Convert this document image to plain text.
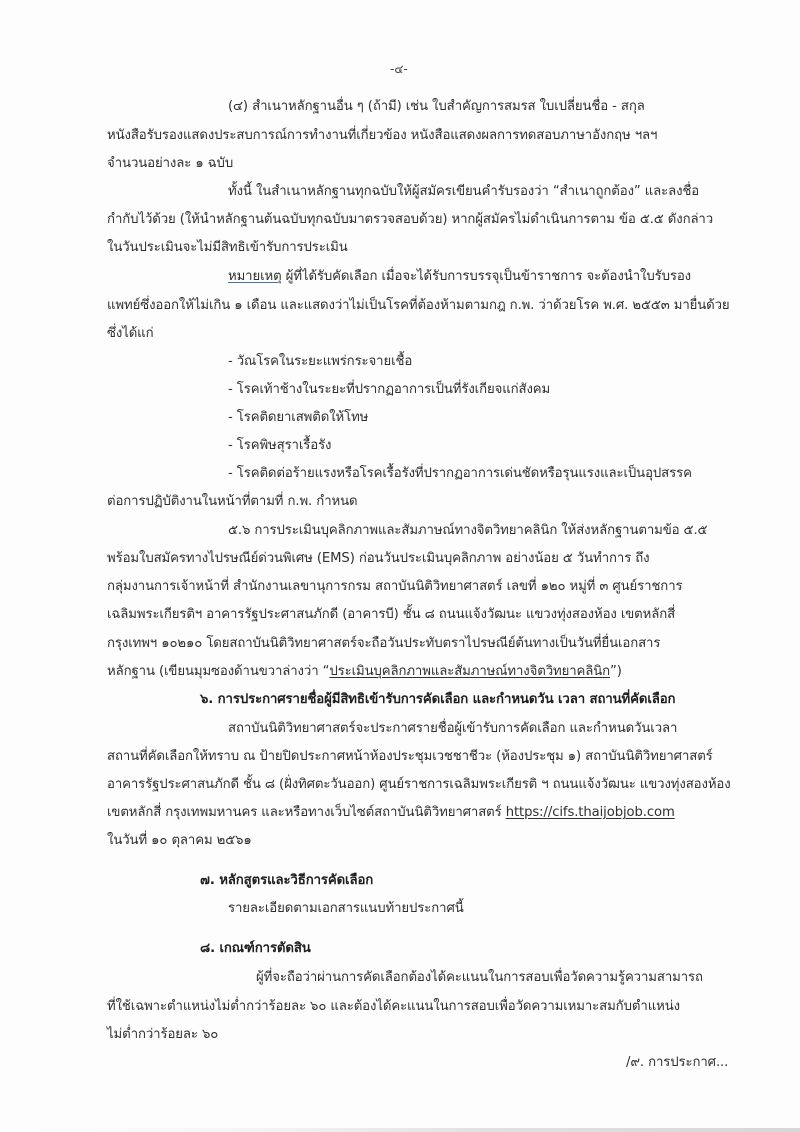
-๔-
(๔) สำเนาหลักฐานอื่น ๆ (ถ้ามี) เช่น ใบสำคัญการสมรส ใบเปลี่ยนชื่อ - สกุล
หนังสือรับรองแสดงประสบการณ์การทำงานที่เกี่ยวข้อง หนังสือแสดงผลการทดสอบภาษาอังกฤษ ฯลฯ
จำนวนอย่างละ ๑ ฉบับ
ทั้งนี้ ในสำเนาหลักฐานทุกฉบับให้ผู้สมัครเขียนคำรับรองว่า “สำเนาถูกต้อง” และลงชื่อ
กำกับไว้ด้วย (ให้นำหลักฐานต้นฉบับทุกฉบับมาตรวจสอบด้วย) หากผู้สมัครไม่ดำเนินการตาม ข้อ ๕.๕ ดังกล่าว
ในวันประเมินจะไม่มีสิทธิเข้ารับการประเมิน
หมายเหตุ ผู้ที่ได้รับคัดเลือก เมื่อจะได้รับการบรรจุเป็นข้าราชการ จะต้องนำใบรับรอง
แพทย์ซึ่งออกให้ไม่เกิน ๑ เดือน และแสดงว่าไม่เป็นโรคที่ต้องห้ามตามกฎ ก.พ. ว่าด้วยโรค พ.ศ. ๒๕๕๓ มายื่นด้วย
ซึ่งได้แก่
- วัณโรคในระยะแพร่กระจายเชื้อ
- โรคเท้าช้างในระยะที่ปรากฏอาการเป็นที่รังเกียจแก่สังคม
- โรคติดยาเสพติดให้โทษ
- โรคพิษสุราเรื้อรัง
- โรคติดต่อร้ายแรงหรือโรคเรื้อรังที่ปรากฏอาการเด่นชัดหรือรุนแรงและเป็นอุปสรรค
ต่อการปฏิบัติงานในหน้าที่ตามที่ ก.พ. กำหนด
๕.๖ การประเมินบุคลิกภาพและสัมภาษณ์ทางจิตวิทยาคลินิก ให้ส่งหลักฐานตามข้อ ๕.๕
พร้อมใบสมัครทางไปรษณีย์ด่วนพิเศษ (EMS) ก่อนวันประเมินบุคลิกภาพ อย่างน้อย ๕ วันทำการ ถึง
กลุ่มงานการเจ้าหน้าที่ สำนักงานเลขานุการกรม สถาบันนิติวิทยาศาสตร์ เลขที่ ๑๒๐ หมู่ที่ ๓ ศูนย์ราชการ
เฉลิมพระเกียรติฯ อาคารรัฐประศาสนภักดี (อาคารบี) ชั้น ๘ ถนนแจ้งวัฒนะ แขวงทุ่งสองห้อง เขตหลักสี่
กรุงเทพฯ ๑๐๒๑๐ โดยสถาบันนิติวิทยาศาสตร์จะถือวันประทับตราไปรษณีย์ต้นทางเป็นวันที่ยื่นเอกสาร
หลักฐาน (เขียนมุมซองด้านขวาล่างว่า “ประเมินบุคลิกภาพและสัมภาษณ์ทางจิตวิทยาคลินิก”)
๖. การประกาศรายชื่อผู้มีสิทธิเข้ารับการคัดเลือก และกำหนดวัน เวลา สถานที่คัดเลือก
สถาบันนิติวิทยาศาสตร์จะประกาศรายชื่อผู้เข้ารับการคัดเลือก และกำหนดวันเวลา
สถานที่คัดเลือกให้ทราบ ณ ป้ายปิดประกาศหน้าห้องประชุมเวชชาชีวะ (ห้องประชุม ๑) สถาบันนิติวิทยาศาสตร์
อาคารรัฐประศาสนภักดี ชั้น ๘ (ฝั่งทิศตะวันออก) ศูนย์ราชการเฉลิมพระเกียรติ ฯ ถนนแจ้งวัฒนะ แขวงทุ่งสองห้อง
เขตหลักสี่ กรุงเทพมหานคร และหรือทางเว็บไซต์สถาบันนิติวิทยาศาสตร์ https://cifs.thaijobjob.com
ในวันที่ ๑๐ ตุลาคม ๒๕๖๑
๗. หลักสูตรและวิธีการคัดเลือก
รายละเอียดตามเอกสารแนบท้ายประกาศนี้
๘. เกณฑ์การตัดสิน
ผู้ที่จะถือว่าผ่านการคัดเลือกต้องได้คะแนนในการสอบเพื่อวัดความรู้ความสามารถ
ที่ใช้เฉพาะตำแหน่งไม่ต่ำกว่าร้อยละ ๖๐ และต้องได้คะแนนในการสอบเพื่อวัดความเหมาะสมกับตำแหน่ง
ไม่ต่ำกว่าร้อยละ ๖๐
/๙. การประกาศ...
